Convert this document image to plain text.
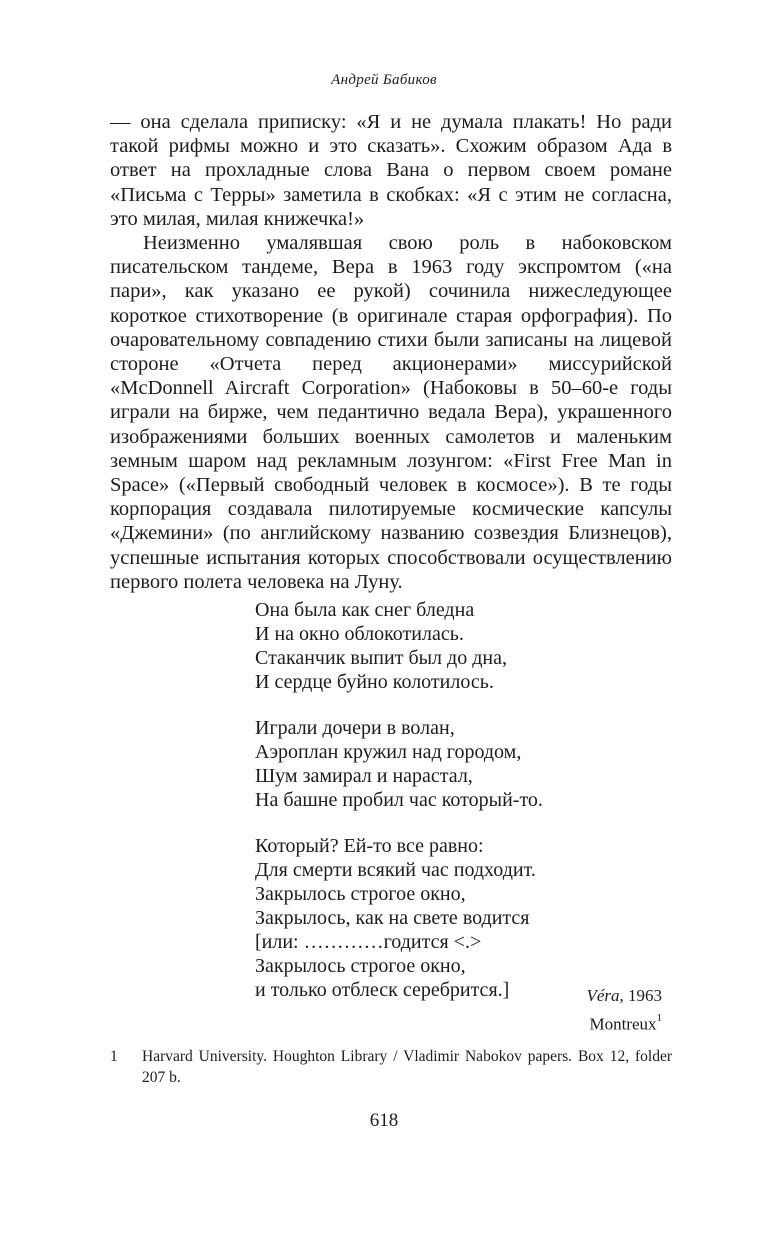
Андрей Бабиков

— она сделала приписку: «Я и не думала плакать! Но ради такой рифмы можно и это сказать». Схожим образом Ада в ответ на прохладные слова Вана о первом своем романе «Письма с Терры» заметила в скобках: «Я с этим не согласна, это милая, милая книжечка!»

Неизменно умалявшая свою роль в набоковском писательском тандеме, Вера в 1963 году экспромтом («на пари», как указано ее рукой) сочинила нижеследующее короткое стихотворение (в оригинале старая орфография). По очаровательному совпадению стихи были записаны на лицевой стороне «Отчета перед акционерами» миссурийской «McDonnell Aircraft Corporation» (Набоковы в 50–60-е годы играли на бирже, чем педантично ведала Вера), украшенного изображениями больших военных самолетов и маленьким земным шаром над рекламным лозунгом: «First Free Man in Space» («Первый свободный человек в космосе»). В те годы корпорация создавала пилотируемые космические капсулы «Джемини» (по английскому названию созвездия Близнецов), успешные испытания которых способствовали осуществлению первого полета человека на Луну.

Она была как снег бледна
И на окно облокотилась.
Стаканчик выпит был до дна,
И сердце буйно колотилось.
Играли дочери в волан,
Аэроплан кружил над городом,
Шум замирал и нарастал,
На башне пробил час который-то.
Который? Ей-то все равно:
Для смерти всякий час подходит.
Закрылось строгое окно,
Закрылось, как на свете водится
[или: …………годится <.>
Закрылось строгое окно,
и только отблеск серебрится.]	Véra, 1963
Montreux$^1$
1 Harvard University. Houghton Library / Vladimir Nabokov papers. Box 12, folder 207 b.
618
